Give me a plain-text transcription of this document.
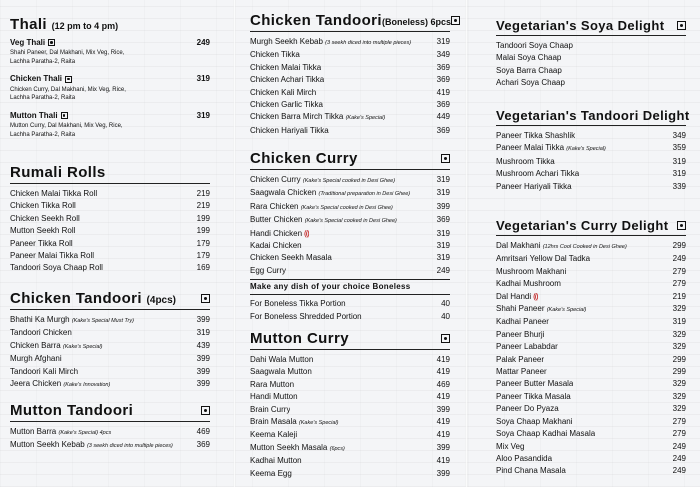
Thali (12 pm to 4 pm)
Veg Thali	249
Shahi Paneer, Dal Makhani, Mix Veg, Rice,
Lachha Paratha-2, Raita
Chicken Thali	319
Chicken Curry, Dal Makhani, Mix Veg, Rice,
Lachha Paratha-2, Raita
Mutton Thali	319
Mutton Curry, Dal Makhani, Mix Veg, Rice,
Lachha Paratha-2, Raita
Rumali Rolls
Chicken Malai Tikka Roll	219
Chicken Tikka Roll	219
Chicken Seekh Roll	199
Mutton Seekh Roll	199
Paneer Tikka Roll	179
Paneer Malai Tikka Roll	179
Tandoori Soya Chaap Roll	169
Chicken Tandoori (4pcs)
Bhathi Ka Murgh (Kake's Special Must Try)	399
Tandoori Chicken	319
Chicken Barra (Kake's Special)	439
Murgh Afghani	399
Tandoori Kali Mirch	399
Jeera Chicken (Kake's Innovation)	399
Mutton Tandoori
Mutton Barra (Kake's Special) 4pcs	469
Mutton Seekh Kebab (3 seekh diced into multiple pieces)	369
Chicken Tandoori(Boneless) 6pcs
Murgh Seekh Kebab (3 seekh diced into multiple pieces)	319
Chicken Tikka	349
Chicken Malai Tikka	369
Chicken Achari Tikka	369
Chicken Kali Mirch	419
Chicken Garlic Tikka	369
Chicken Barra Mirch Tikka (Kake's Special)	449
Chicken Hariyali Tikka	369
Chicken Curry
Chicken Curry (Kake's Special cooked in Desi Ghee)	319
Saagwala Chicken (Traditional preparation in Desi Ghee)	319
Rara Chicken (Kake's Special cooked in Desi Ghee)	399
Butter Chicken (Kake's Special cooked in Desi Ghee)	369
Handi Chicken (((	319
Kadai Chicken	319
Chicken Seekh Masala	319
Egg Curry	249
Make any dish of your choice Boneless
For Boneless Tikka Portion	40
For Boneless Shredded Portion	40
Mutton Curry
Dahi Wala Mutton	419
Saagwala Mutton	419
Rara Mutton	469
Handi Mutton	419
Brain Curry	399
Brain Masala (Kake's Special)	419
Keema Kaleji	419
Mutton Seekh Masala (6pcs)	399
Kadhai Mutton	419
Keema Egg	399
Vegetarian's Soya Delight
Tandoori Soya Chaap
Malai Soya Chaap
Soya Barra Chaap
Achari Soya Chaap
Vegetarian's Tandoori Delight
Paneer Tikka Shashlik	349
Paneer Malai Tikka (Kake's Special)	359
Mushroom Tikka	319
Mushroom Achari Tikka	319
Paneer Hariyali Tikka	339
Vegetarian's Curry Delight
Dal Makhani (12hrs Cool Cooked in Desi Ghee)	299
Amritsari Yellow Dal Tadka	249
Mushroom Makhani	279
Kadhai Mushroom	279
Dal Handi (((	219
Shahi Paneer (Kake's Special)	329
Kadhai Paneer	319
Paneer Bhurji	329
Paneer Lababdar	329
Palak Paneer	299
Mattar Paneer	299
Paneer Butter Masala	329
Paneer Tikka Masala	329
Paneer Do Pyaza	329
Soya Chaap Makhani	279
Soya Chaap Kadhai Masala	279
Mix Veg	249
Aloo Pasandida	249
Pind Chana Masala	249
